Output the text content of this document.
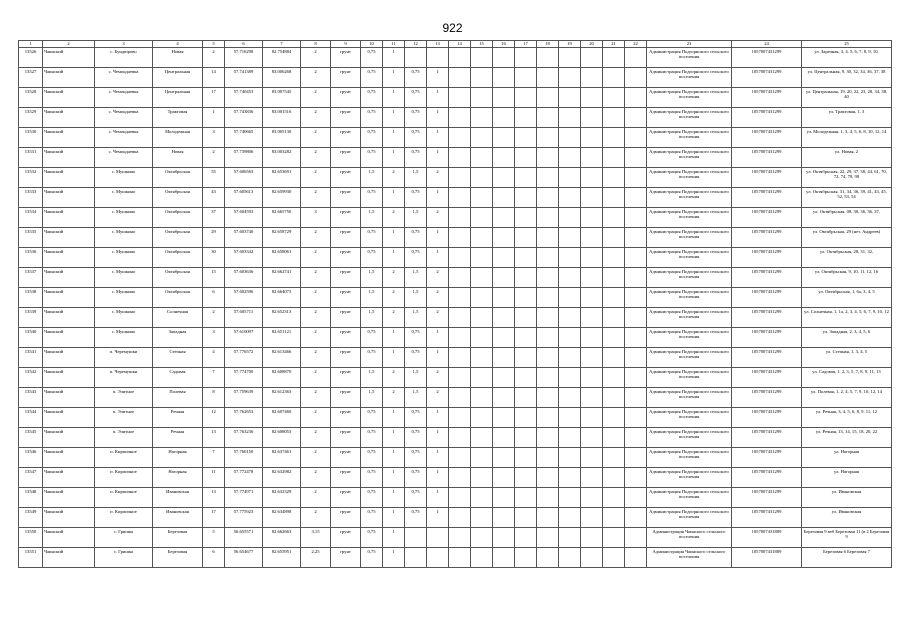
922
1	2	3	4	5	6	7	8	9	10	11	12	13	14	15	16	17	18	19	20	21	22	23	24	25
13526	Чаинский	с. Бундюрово	Новая	2	57.716298	82.754884	2	грунт	0,75	1												Администрация Подгорнского сельского поселения	1057007431299	ул. Заречная, 3, 4, 5, 6, 7, 8, 9, 10,
13527	Чаинский	с. Чемондаевка	Центральная	14	57.741389	83.006268	2	грунт	0,75	1	0,75	1										Администрация Подгорнского сельского поселения	1057007431299	ул. Центральная, 9, 30, 32, 34, 36, 37, 38
13528	Чаинский	с. Чемондаевка	Центральная	17	57.740453	83.007545	2	грунт	0,75	1	0,75	1										Администрация Подгорнского сельского поселения	1057007431299	ул. Центральная, 19, 20, 22, 23, 28, 34, 38, 40
13529	Чаинский	с. Чемондаевка	Трактовая	1	57.743836	83.001516	2	грунт	0,75	1	0,75	1										Администрация Подгорнского сельского поселения	1057007431299	ул. Трактовая, 1, 3
13530	Чаинский	с. Чемондаевка	Молодежная	3	57.740665	83.005130	2	грунт	0,75	1	0,75	1										Администрация Подгорнского сельского поселения	1057007431299	ул. Молодежная, 1, 3, 4, 5, 6, 8, 10, 12, 14
13531	Чаинский	с. Чемондаевка	Новая	2	57.739806	83.003282	2	грунт	0,75	1	0,75	1										Администрация Подгорнского сельского поселения	1057007431299	ул. Новая, 2
13532	Чаинский	с. Мушкино	Октябрьская	55	57.606563	82.653691	2	грунт	1,5	2	1,5	2										Администрация Подгорнского сельского поселения	1057007431299	ул. Октябрьская, 22, 29, 37, 38, 44, 61, 70, 72, 74, 78, 98
13533	Чаинский	с. Мушкино	Октябрьская	43	57.605613	82.659930	2	грунт	0,75	1	0,75	1										Администрация Подгорнского сельского поселения	1057007431299	ул. Октябрьская, 31, 34, 36, 39, 41, 43, 45, 52, 53, 54
13534	Чаинский	с. Мушкино	Октябрьская	37	57.604593	82.665750	3	грунт	1,5	2	1,5	2										Администрация Подгорнского сельского поселения	1057007431299	ул. Октябрьская, 08, 30, 36, 36, 37,
13535	Чаинский	с. Мушкино	Октябрьская	29	57.603740	82.658729	2	грунт	0,75	1	0,75	1										Администрация Подгорнского сельского поселения	1057007431299	ул. Октябрьская, 29 (нет. Андреев)
13536	Чаинский	с. Мушкино	Октябрьская	30	57.603342	82.658061	2	грунт	0,75	1	0,75	1										Администрация Подгорнского сельского поселения	1057007431299	ул. Октябрьская, 28, 31, 32,
13537	Чаинский	с. Мушкино	Октябрьская	15	57.603636	82.662741	2	грунт	1,5	2	1,5	2										Администрация Подгорнского сельского поселения	1057007431299	ул. Октябрьская, 9, 10, 11, 12, 16
13538	Чаинский	с. Мушкино	Октябрьская	6	57.602596	82.664073	2	грунт	1,5	2	1,5	2										Администрация Подгорнского сельского поселения	1057007431299	ул. Октябрьская, 1, 6а, 3, 4, 5
13539	Чаинский	с. Мушкино	Солнечная	2	57.605711	82.652313	2	грунт	1,5	2	1,5	2										Администрация Подгорнского сельского поселения	1057007431299	ул. Солнечная, 1, 1а, 2, 3, 4, 5, 6, 7, 9, 10, 12
13540	Чаинский	с. Мушкино	Западная	3	57.610097	82.651121	2	грунт	0,75	1	0,75	1										Администрация Подгорнского сельского поселения	1057007431299	ул. Западная, 2, 3, 4, 5, 6
13541	Чаинский	п. Черемушки	Степная	4	57.776572	82.613466	2	грунт	0,75	1	0,75	1										Администрация Подгорнского сельского поселения	1057007431299	ул. Степная, 1, 3, 4, 5
13542	Чаинский	п. Черемушки	Садовая	7	57.774700	82.608870	2	грунт	1,5	2	1,5	2										Администрация Подгорнского сельского поселения	1057007431299	ул. Садовая, 1, 2, 3, 5, 7, 8, 9, 11, 13
13543	Чаинский	п. Элитное	Полевая	8	57.759639	82.612363	2	грунт	1,5	2	1,5	2										Администрация Подгорнского сельского поселения	1057007431299	ул. Полевая, 1, 2, 4, 5, 7, 9, 10, 12, 14
13544	Чаинский	п. Элитное	Речная	12	57.762653	82.607460	2	грунт	0,75	1	0,75	1										Администрация Подгорнского сельского поселения	1057007431299	ул. Речная, 3, 4, 5, 6, 8, 9, 11, 12
13545	Чаинский	п. Элитное	Речная	13	57.763236	82.608053	2	грунт	0,75	1	0,75	1										Администрация Подгорнского сельского поселения	1057007431299	ул. Речная, 13, 14, 15, 18, 20, 22
13546	Чаинский	п. Кирпичное	Нагорная	7	57.760150	82.637461	2	грунт	0,75	1	0,75	1										Администрация Подгорнского сельского поселения	1057007431299	ул. Нагорная
13547	Чаинский	п. Кирпичное	Нагорная	11	57.772478	82.632982	2	грунт	0,75	1	0,75	1										Администрация Подгорнского сельского поселения	1057007431299	ул. Нагорная
13548	Чаинский	п. Кирпичное	Ивановская	13	57.774971	82.632329	2	грунт	0,75	1	0,75	1										Администрация Подгорнского сельского поселения	1057007431299	ул. Ивановская
13549	Чаинский	п. Кирпичное	Ивановская	17	57.775923	82.634898	2	грунт	0,75	1	0,75	1										Администрация Подгорнского сельского поселения	1057007431299	ул. Ивановская
13550	Чаинский	с. Гришка	Березовая	5	56.655571	82.662663	3,15	грунт	0,75	1												Администрация Чаинского сельского поселения	1057007431809	Березовая 9 веб Березовая 11 (в 2 Березовая 9
13551	Чаинский	с. Гришка	Березовая	6	56.654677	82.655951	2,25	грунт	0,75	1												Администрация Чаинского сельского поселения	1057007431809	Березовая 6 Березовая 7
